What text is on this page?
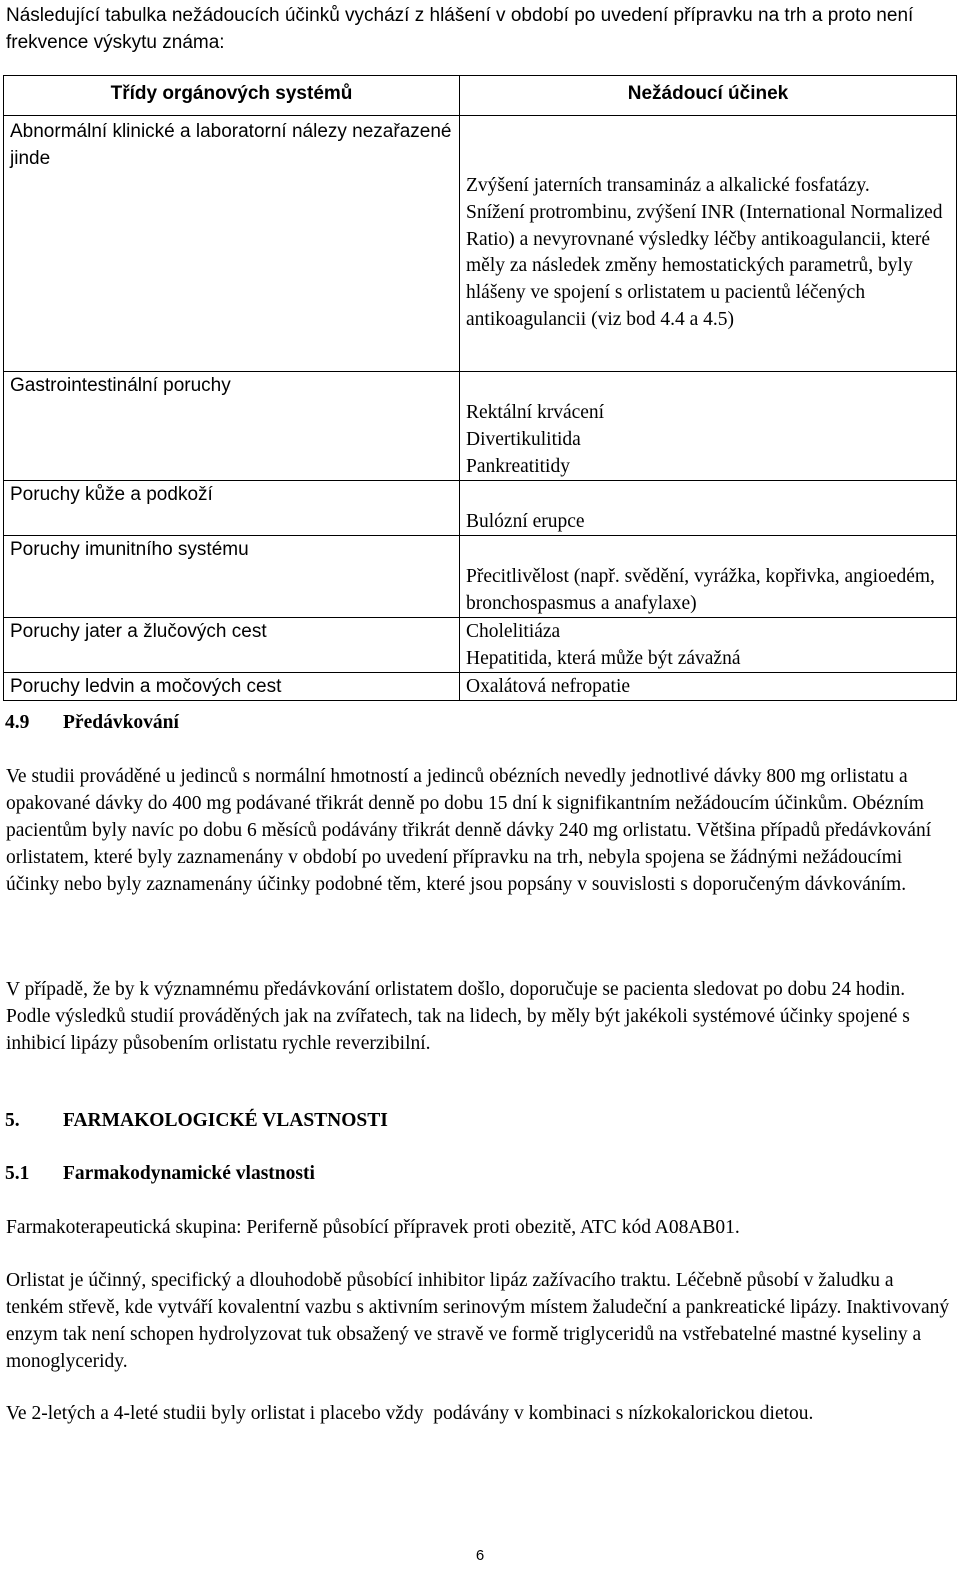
Následující tabulka nežádoucích účinků vychází z hlášení v období po uvedení přípravku na trh a proto není frekvence výskytu známa:

Třídy orgánových systémů	Nežádoucí účinek
Abnormální klinické a laboratorní nálezy nezařazené jinde	Zvýšení jaterních transamináz a alkalické fosfatázy.
Snížení protrombinu, zvýšení INR (International Normalized Ratio) a nevyrovnané výsledky léčby antikoagulancii, které měly za následek změny hemostatických parametrů, byly hlášeny ve spojení s orlistatem u pacientů léčených antikoagulancii (viz bod 4.4 a 4.5)
Gastrointestinální poruchy	Rektální krvácení
Divertikulitida
Pankreatitidy
Poruchy kůže a podkoží	Bulózní erupce
Poruchy imunitního systému	Přecitlivělost (např. svědění, vyrážka, kopřivka, angioedém, bronchospasmus a anafylaxe)
Poruchy jater a žlučových cest	Cholelitiáza
Hepatitida, která může být závažná
Poruchy ledvin a močových cest	Oxalátová nefropatie
4.9 Předávkování

Ve studii prováděné u jedinců s normální hmotností a jedinců obézních nevedly jednotlivé dávky 800 mg orlistatu a opakované dávky do 400 mg podávané třikrát denně po dobu 15 dní k signifikantním nežádoucím účinkům. Obézním pacientům byly navíc po dobu 6 měsíců podávány třikrát denně dávky 240 mg orlistatu. Většina případů předávkování orlistatem, které byly zaznamenány v období po uvedení přípravku na trh, nebyla spojena se žádnými nežádoucími účinky nebo byly zaznamenány účinky podobné těm, které jsou popsány v souvislosti s doporučeným dávkováním.

V případě, že by k významnému předávkování orlistatem došlo, doporučuje se pacienta sledovat po dobu 24 hodin. Podle výsledků studií prováděných jak na zvířatech, tak na lidech, by měly být jakékoli systémové účinky spojené s inhibicí lipázy působením orlistatu rychle reverzibilní.

5. FARMAKOLOGICKÉ VLASTNOSTI
5.1 Farmakodynamické vlastnosti

Farmakoterapeutická skupina: Periferně působící přípravek proti obezitě, ATC kód A08AB01.

Orlistat je účinný, specifický a dlouhodobě působící inhibitor lipáz zažívacího traktu. Léčebně působí v žaludku a tenkém střevě, kde vytváří kovalentní vazbu s aktivním serinovým místem žaludeční a pankreatické lipázy. Inaktivovaný enzym tak není schopen hydrolyzovat tuk obsažený ve stravě ve formě triglyceridů na vstřebatelné mastné kyseliny a monoglyceridy.

Ve 2-letých a 4-leté studii byly orlistat i placebo vždy  podávány v kombinaci s nízkokalorickou dietou.

6
